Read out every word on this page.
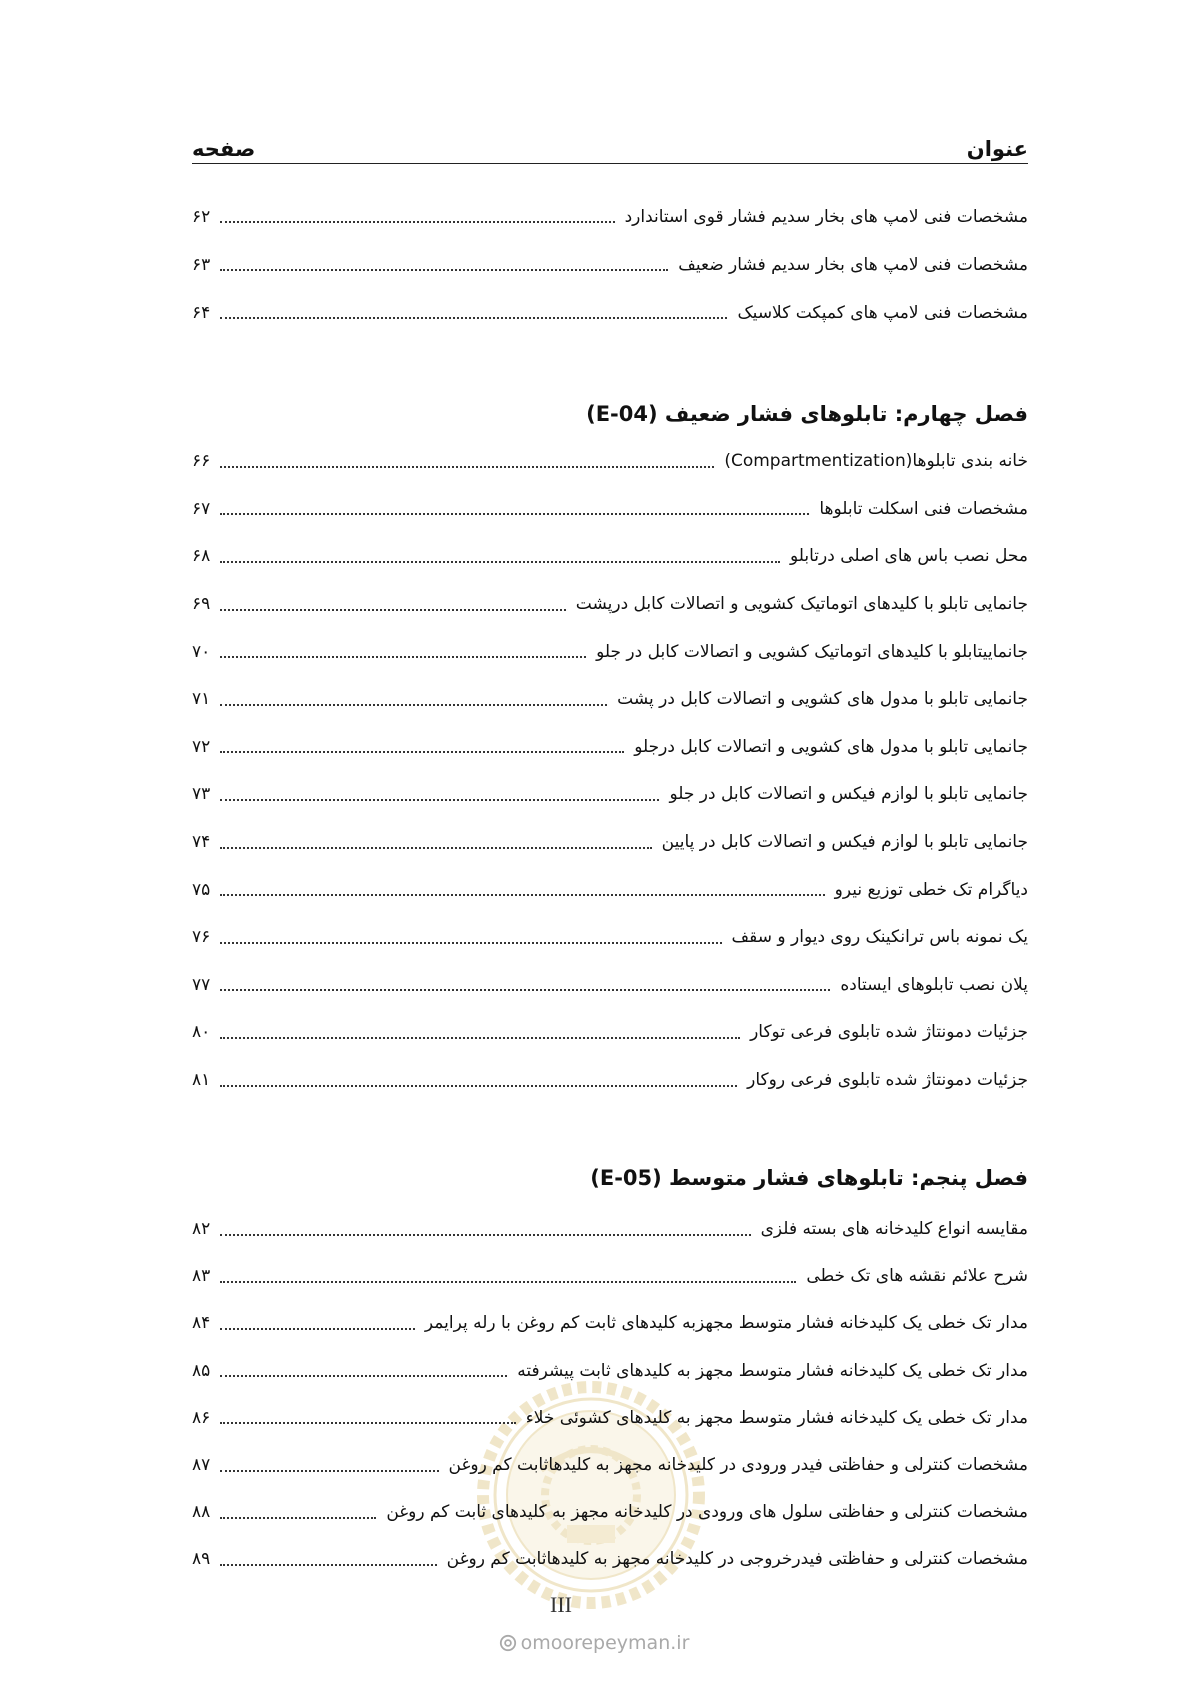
عنوان
صفحه
مشخصات فنی لامپ های بخار سدیم فشار قوی استاندارد
۶۲
مشخصات فنی لامپ های بخار سدیم فشار ضعیف
۶۳
مشخصات فنی لامپ های کمپکت کلاسیک
۶۴
فصل چهارم: تابلوهای فشار ضعیف (E-04)
خانه بندی تابلوها(Compartmentization)
۶۶
مشخصات فنی اسکلت تابلوها
۶۷
محل نصب باس های اصلی درتابلو
۶۸
جانمایی تابلو با کلیدهای اتوماتیک کشویی و اتصالات کابل درپشت
۶۹
جانماییتابلو با کلیدهای اتوماتیک کشویی و اتصالات کابل در جلو
۷۰
جانمایی تابلو با مدول های کشویی و اتصالات کابل در پشت
۷۱
جانمایی تابلو با مدول های کشویی و اتصالات کابل درجلو
۷۲
جانمایی تابلو با لوازم فیکس و اتصالات کابل در جلو
۷۳
جانمایی تابلو با لوازم فیکس و اتصالات کابل در پایین
۷۴
دیاگرام تک خطی توزیع نیرو
۷۵
یک نمونه باس ترانکینک روی دیوار و سقف
۷۶
پلان نصب تابلوهای ایستاده
۷۷
جزئیات دمونتاژ شده تابلوی فرعی توکار
۸۰
جزئیات دمونتاژ شده تابلوی فرعی روکار
۸۱
فصل پنجم: تابلوهای فشار متوسط (E-05)
مقایسه انواع کلیدخانه های بسته فلزی
۸۲
شرح علائم نقشه های تک خطی
۸۳
مدار تک خطی یک کلیدخانه فشار متوسط مجهزبه کلیدهای ثابت کم روغن با رله پرایمر
۸۴
مدار تک خطی یک کلیدخانه فشار متوسط مجهز به کلیدهای ثابت پیشرفته
۸۵
مدار تک خطی یک کلیدخانه فشار متوسط مجهز به کلیدهای کشوئی خلاء
۸۶
مشخصات کنترلی و حفاظتی فیدر ورودی در کلیدخانه مجهز به کلیدهاثابت کم روغن
۸۷
مشخصات کنترلی و حفاظتی سلول های ورودی در کلیدخانه مجهز به کلیدهای ثابت کم روغن
۸۸
مشخصات کنترلی و حفاظتی فیدرخروجی در کلیدخانه مجهز به کلیدهاثابت کم روغن
۸۹
III
omoorepeyman.ir
